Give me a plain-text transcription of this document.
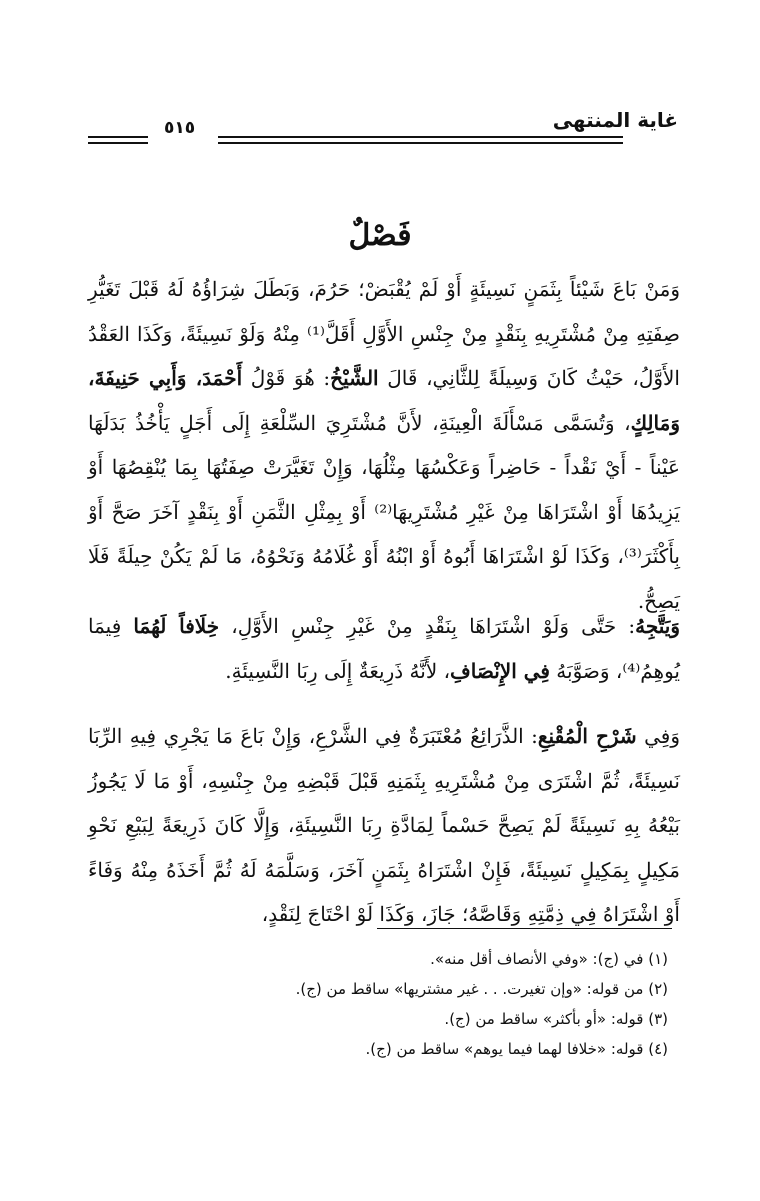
٥١٥	غاية المنتهى
فَصْلٌ

وَمَنْ بَاعَ شَيْئاً بِثَمَنٍ نَسِيئَةٍ أَوْ لَمْ يُقْبَضْ؛ حَرُمَ، وَبَطَلَ شِرَاؤُهُ لَهُ قَبْلَ تَغَيُّرِ صِفَتِهِ مِنْ مُشْتَرِيهِ بِنَقْدٍ مِنْ جِنْسِ الأَوَّلِ أَقَلَّ⁽¹⁾ مِنْهُ وَلَوْ نَسِيئَةً، وَكَذَا العَقْدُ الأَوَّلُ، حَيْثُ كَانَ وَسِيلَةً لِلثَّانِي، قَالَ الشَّيْخُ: هُوَ قَوْلُ أَحْمَدَ، وَأَبِي حَنِيفَةَ، وَمَالِكٍ، وَتُسَمَّى مَسْأَلَةَ الْعِينَةِ، لأَنَّ مُشْتَرِيَ السِّلْعَةِ إِلَى أَجَلٍ يَأْخُذُ بَدَلَهَا عَيْناً - أَيْ نَقْداً - حَاضِراً وَعَكْسُهَا مِثْلُهَا، وَإِنْ تَغَيَّرَتْ صِفَتُهَا بِمَا يُنْقِصُهَا أَوْ يَزِيدُهَا أَوْ اشْتَرَاهَا مِنْ غَيْرِ مُشْتَرِيهَا⁽²⁾ أَوْ بِمِثْلِ الثَّمَنِ أَوْ بِنَقْدٍ آخَرَ صَحَّ أَوْ بِأَكْثَرَ⁽³⁾، وَكَذَا لَوْ اشْتَرَاهَا أَبُوهُ أَوْ ابْنُهُ أَوْ غُلَامُهُ وَنَحْوُهُ، مَا لَمْ يَكُنْ حِيلَةً فَلَا يَصِحُّ.

وَيَتَّجِهُ: حَتَّى وَلَوْ اشْتَرَاهَا بِنَقْدٍ مِنْ غَيْرِ جِنْسِ الأَوَّلِ، خِلَافاً لَهُمَا فِيمَا يُوهِمُ⁽⁴⁾، وَصَوَّبَهُ فِي الإِنْصَافِ، لأَنَّهُ ذَرِيعَةٌ إِلَى رِبَا النَّسِيئَةِ.

وَفِي شَرْحِ الْمُقْنِعِ: الذَّرَائِعُ مُعْتَبَرَةٌ فِي الشَّرْعِ، وَإِنْ بَاعَ مَا يَجْرِي فِيهِ الرِّبَا نَسِيئَةً، ثُمَّ اشْتَرَى مِنْ مُشْتَرِيهِ بِثَمَنِهِ قَبْلَ قَبْضِهِ مِنْ جِنْسِهِ، أَوْ مَا لَا يَجُوزُ بَيْعُهُ بِهِ نَسِيئَةً لَمْ يَصِحَّ حَسْماً لِمَادَّةِ رِبَا النَّسِيئَةِ، وَإِلَّا كَانَ ذَرِيعَةً لِبَيْعِ نَحْوِ مَكِيلٍ بِمَكِيلٍ نَسِيئَةً، فَإِنْ اشْتَرَاهُ بِثَمَنٍ آخَرَ، وَسَلَّمَهُ لَهُ ثُمَّ أَخَذَهُ مِنْهُ وَفَاءً أَوْ اشْتَرَاهُ فِي ذِمَّتِهِ وَقَاصَّهُ؛ جَازَ، وَكَذَا لَوْ احْتَاجَ لِنَقْدٍ،

(١) في (ج): «وفي الأنصاف أقل منه».
(٢) من قوله: «وإن تغيرت. . . غير مشتريها» ساقط من (ج).
(٣) قوله: «أو بأكثر» ساقط من (ج).
(٤) قوله: «خلافا لهما فيما يوهم» ساقط من (ج).
